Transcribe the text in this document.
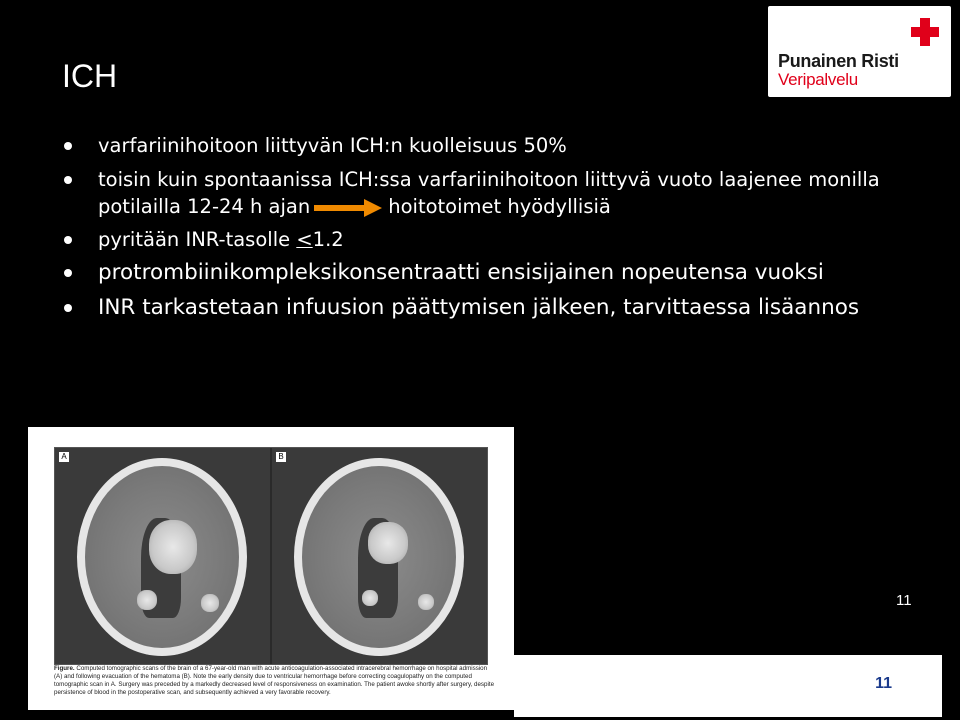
Punainen Risti
Veripalvelu
ICH
varfariinihoitoon liittyvän ICH:n kuolleisuus 50%
toisin kuin spontaanissa ICH:ssa varfariinihoitoon liittyvä vuoto laajenee monilla potilailla 12-24 h ajan	hoitotoimet hyödyllisiä
pyritään INR-tasolle ≤1.2
protrombiinikompleksikonsentraatti ensisijainen nopeutensa vuoksi
INR tarkastetaan infuusion päättymisen jälkeen, tarvittaessa lisäannos
A	B
Figure. Computed tomographic scans of the brain of a 67-year-old man with acute anticoagulation-associated intracerebral hemorrhage on hospital admission (A) and following evacuation of the hematoma (B). Note the early density due to ventricular hemorrhage before correcting coagulopathy on the computed tomographic scan in A. Surgery was preceded by a markedly decreased level of responsiveness on examination. The patient awoke shortly after surgery, despite persistence of blood in the postoperative scan, and subsequently achieved a very favorable recovery.
11
11
